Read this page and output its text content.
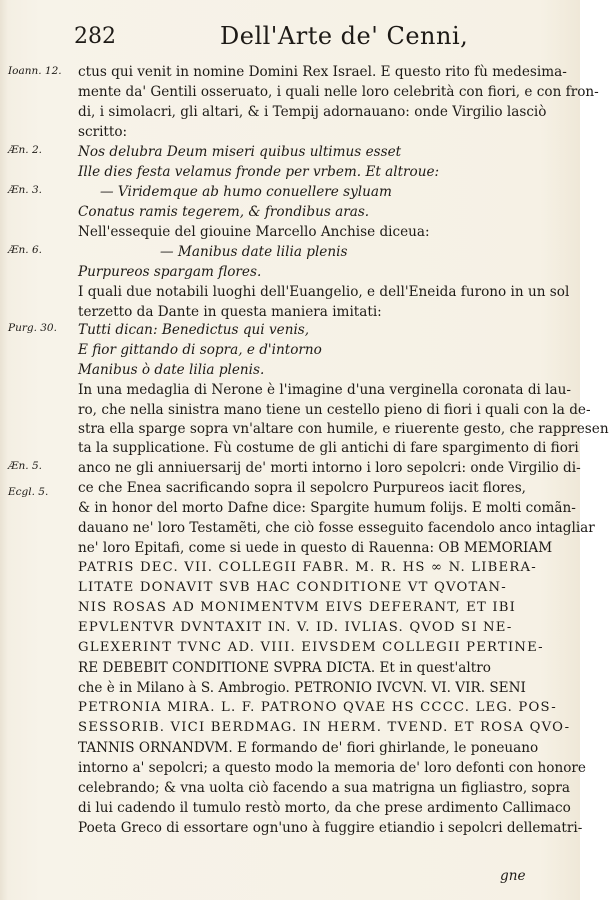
282	Dell'Arte de' Cenni,
Ioann. 12.
Æn. 2.
Æn. 3.
Æn. 6.
Purg. 30.
Æn. 5.
Ecgl. 5.
ctus qui venit in nomine Domini Rex Israel. E questo rito fù medesima-
mente da' Gentili osseruato, i quali nelle loro celebrità con fiori, e con fron-
di, i simolacri, gli altari, & i Tempij adornauano: onde Virgilio lasciò
scritto:
Nos delubra Deum miseri quibus ultimus esset
Ille dies festa velamus fronde per vrbem. Et altroue:
— Viridemque ab humo conuellere syluam
Conatus ramis tegerem, & frondibus aras.
Nell'essequie del giouine Marcello Anchise diceua:
— Manibus date lilia plenis
Purpureos spargam flores.
I quali due notabili luoghi dell'Euangelio, e dell'Eneida furono in un sol
terzetto da Dante in questa maniera imitati:
Tutti dican: Benedictus qui venis,
E fior gittando di sopra, e d'intorno
Manibus ò date lilia plenis.
In una medaglia di Nerone è l'imagine d'una verginella coronata di lau-
ro, che nella sinistra mano tiene un cestello pieno di fiori i quali con la de-
stra ella sparge sopra vn'altare con humile, e riuerente gesto, che rappresen
ta la supplicatione. Fù costume de gli antichi di fare spargimento di fiori
anco ne gli anniuersarij de' morti intorno i loro sepolcri: onde Virgilio di-
ce che Enea sacrificando sopra il sepolcro Purpureos iacit flores,
& in honor del morto Dafne dice: Spargite humum folijs. E molti comãn-
dauano ne' loro Testamẽti, che ciò fosse esseguito facendolo anco intagliar
ne' loro Epitafi, come si uede in questo di Rauenna: OB MEMORIAM
PATRIS DEC. VII. COLLEGII FABR. M. R. HS ∞ N. LIBERA-
LITATE DONAVIT SVB HAC CONDITIONE VT QVOTAN-
NIS ROSAS AD MONIMENTVM EIVS DEFERANT, ET IBI
EPVLENTVR DVNTAXIT IN. V. ID. IVLIAS. QVOD SI NE-
GLEXERINT TVNC AD. VIII. EIVSDEM COLLEGII PERTINE-
RE DEBEBIT CONDITIONE SVPRA DICTA. Et in quest'altro
che è in Milano à S. Ambrogio. PETRONIO IVCVN. VI. VIR. SENI
PETRONIA MIRA. L. F. PATRONO QVAE HS CCCC. LEG. POS-
SESSORIB. VICI BERDMAG. IN HERM. TVEND. ET ROSA QVO-
TANNIS ORNANDVM. E formando de' fiori ghirlande, le poneuano
intorno a' sepolcri; a questo modo la memoria de' loro defonti con honore
celebrando; & vna uolta ciò facendo a sua matrigna un figliastro, sopra
di lui cadendo il tumulo restò morto, da che prese ardimento Callimaco
Poeta Greco di essortare ogn'uno à fuggire etiandio i sepolcri dellematri-
gne
